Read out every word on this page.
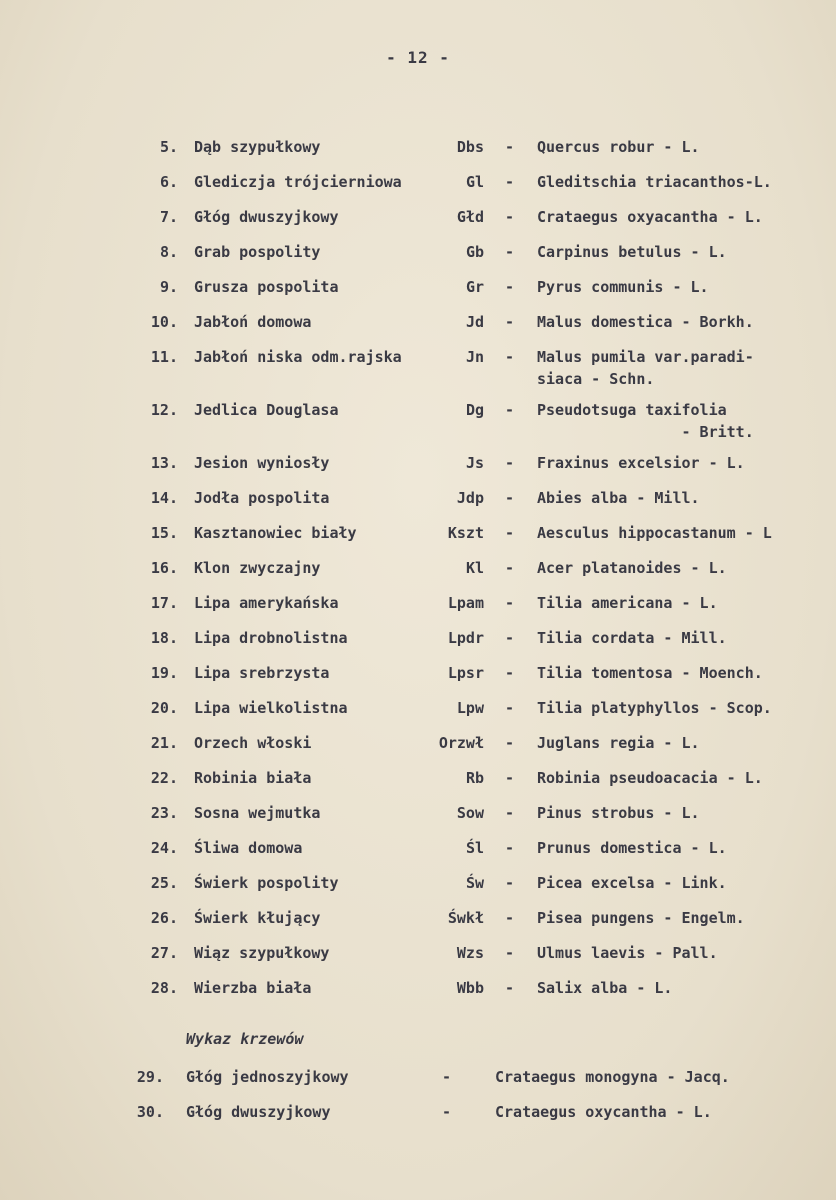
- 12 -
5. Dąb szypułkowy	Dbs - Quercus robur - L.
6. Glediczja trójcierniowa	Gl - Gleditschia triacanthos-L.
7. Głóg dwuszyjkowy	Głd - Crataegus oxyacantha - L.
8. Grab pospolity	Gb - Carpinus betulus - L.
9. Grusza pospolita	Gr - Pyrus communis - L.
10. Jabłoń domowa	Jd - Malus domestica - Borkh.
11. Jabłoń niska odm.rajska	Jn - Malus pumila var.paradi-
siaca - Schn.
12. Jedlica Douglasa	Dg - Pseudotsuga taxifolia
- Britt.
13. Jesion wyniosły	Js - Fraxinus excelsior - L.
14. Jodła pospolita	Jdp - Abies alba - Mill.
15. Kasztanowiec biały	Kszt - Aesculus hippocastanum - L
16. Klon zwyczajny	Kl - Acer platanoides - L.
17. Lipa amerykańska	Lpam - Tilia americana - L.
18. Lipa drobnolistna	Lpdr - Tilia cordata - Mill.
19. Lipa srebrzysta	Lpsr - Tilia tomentosa - Moench.
20. Lipa wielkolistna	Lpw - Tilia platyphyllos - Scop.
21. Orzech włoski	Orzwł - Juglans regia - L.
22. Robinia biała	Rb - Robinia pseudoacacia - L.
23. Sosna wejmutka	Sow - Pinus strobus - L.
24. Śliwa domowa	Śl - Prunus domestica - L.
25. Świerk pospolity	Św - Picea excelsa - Link.
26. Świerk kłujący	Śwkł - Pisea pungens - Engelm.
27. Wiąz szypułkowy	Wzs - Ulmus laevis - Pall.
28. Wierzba biała	Wbb - Salix alba - L.
Wykaz krzewów
29. Głóg jednoszyjkowy	-	Crataegus monogyna - Jacq.
30. Głóg dwuszyjkowy	-	Crataegus oxycantha - L.
